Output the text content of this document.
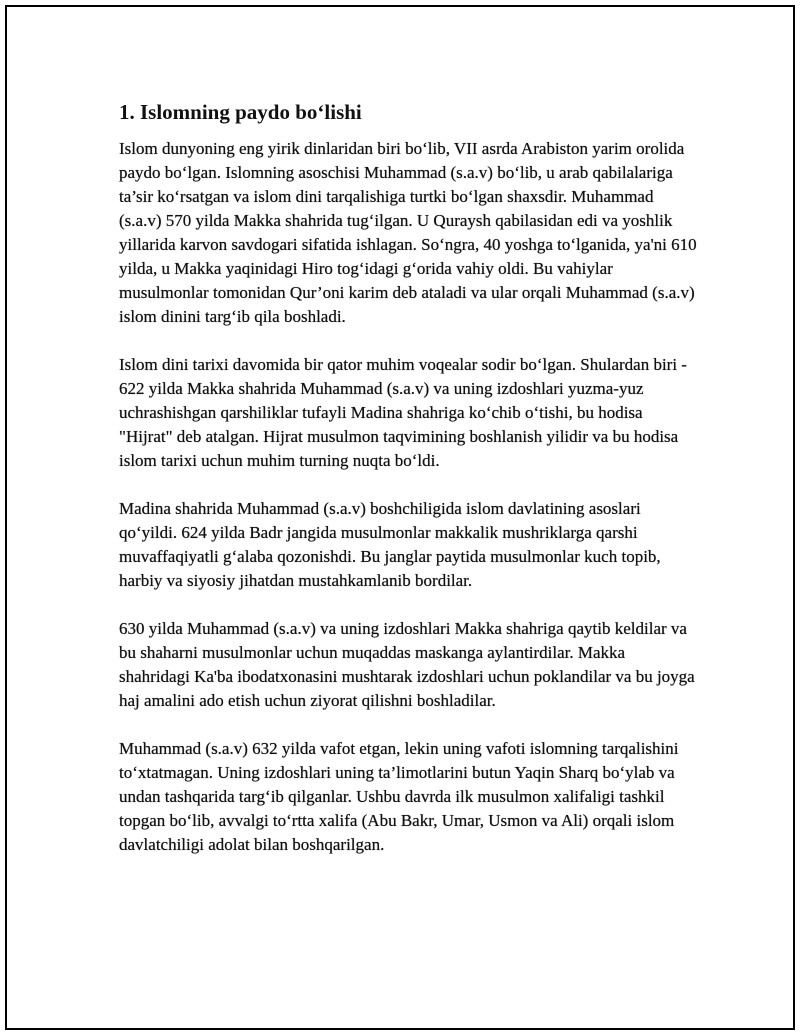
1. Islomning paydo bo‘lishi

Islom dunyoning eng yirik dinlaridan biri bo‘lib, VII asrda Arabiston yarim orolida paydo bo‘lgan. Islomning asoschisi Muhammad (s.a.v) bo‘lib, u arab qabilalariga ta’sir ko‘rsatgan va islom dini tarqalishiga turtki bo‘lgan shaxsdir. Muhammad (s.a.v) 570 yilda Makka shahrida tug‘ilgan. U Quraysh qabilasidan edi va yoshlik yillarida karvon savdogari sifatida ishlagan. So‘ngra, 40 yoshga to‘lganida, ya'ni 610 yilda, u Makka yaqinidagi Hiro tog‘idagi g‘orida vahiy oldi. Bu vahiylar musulmonlar tomonidan Qur’oni karim deb ataladi va ular orqali Muhammad (s.a.v) islom dinini targ‘ib qila boshladi.

Islom dini tarixi davomida bir qator muhim voqealar sodir bo‘lgan. Shulardan biri - 622 yilda Makka shahrida Muhammad (s.a.v) va uning izdoshlari yuzma-yuz uchrashishgan qarshiliklar tufayli Madina shahriga ko‘chib o‘tishi, bu hodisa "Hijrat" deb atalgan. Hijrat musulmon taqvimining boshlanish yilidir va bu hodisa islom tarixi uchun muhim turning nuqta bo‘ldi.

Madina shahrida Muhammad (s.a.v) boshchiligida islom davlatining asoslari qo‘yildi. 624 yilda Badr jangida musulmonlar makkalik mushriklarga qarshi muvaffaqiyatli g‘alaba qozonishdi. Bu janglar paytida musulmonlar kuch topib, harbiy va siyosiy jihatdan mustahkamlanib bordilar.

630 yilda Muhammad (s.a.v) va uning izdoshlari Makka shahriga qaytib keldilar va bu shaharni musulmonlar uchun muqaddas maskanga aylantirdilar. Makka shahridagi Ka'ba ibodatxonasini mushtarak izdoshlari uchun poklandilar va bu joyga haj amalini ado etish uchun ziyorat qilishni boshladilar.

Muhammad (s.a.v) 632 yilda vafot etgan, lekin uning vafoti islomning tarqalishini to‘xtatmagan. Uning izdoshlari uning ta’limotlarini butun Yaqin Sharq bo‘ylab va undan tashqarida targ‘ib qilganlar. Ushbu davrda ilk musulmon xalifaligi tashkil topgan bo‘lib, avvalgi to‘rtta xalifa (Abu Bakr, Umar, Usmon va Ali) orqali islom davlatchiligi adolat bilan boshqarilgan.
